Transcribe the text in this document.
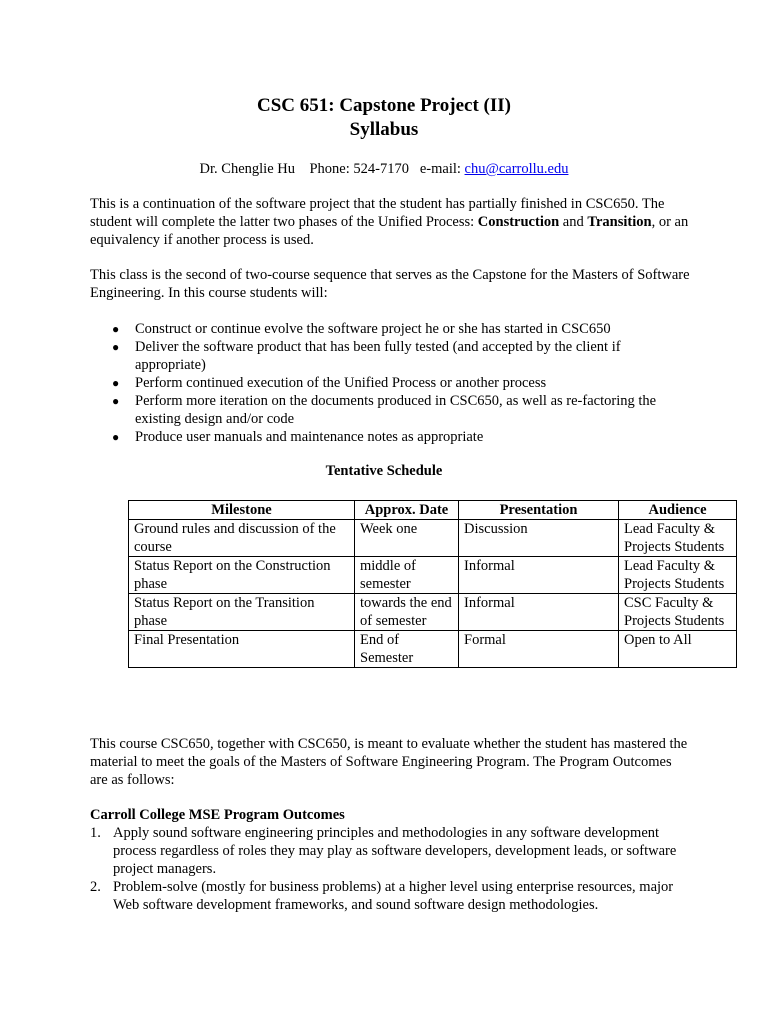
CSC 651: Capstone Project (II)
Syllabus
Dr. Chenglie Hu    Phone: 524-7170   e-mail: chu@carrollu.edu
This is a continuation of the software project that the student has partially finished in CSC650. The student will complete the latter two phases of the Unified Process: Construction and Transition, or an equivalency if another process is used.
This class is the second of two-course sequence that serves as the Capstone for the Masters of Software Engineering. In this course students will:
● Construct or continue evolve the software project he or she has started in CSC650
● Deliver the software product that has been fully tested (and accepted by the client if appropriate)
● Perform continued execution of the Unified Process or another process
● Perform more iteration on the documents produced in CSC650, as well as re-factoring the existing design and/or code
● Produce user manuals and maintenance notes as appropriate
Tentative Schedule
Milestone	Approx. Date	Presentation	Audience
Ground rules and discussion of the course	Week one	Discussion	Lead Faculty & Projects Students
Status Report on the Construction phase	middle of semester	Informal	Lead Faculty & Projects Students
Status Report on the Transition phase	towards the end of semester	Informal	CSC Faculty & Projects Students
Final Presentation	End of Semester	Formal	Open to All
This course CSC650, together with CSC650, is meant to evaluate whether the student has mastered the material to meet the goals of the Masters of Software Engineering Program. The Program Outcomes are as follows:
Carroll College MSE Program Outcomes
1. Apply sound software engineering principles and methodologies in any software development process regardless of roles they may play as software developers, development leads, or software project managers.
2. Problem-solve (mostly for business problems) at a higher level using enterprise resources, major Web software development frameworks, and sound software design methodologies.
